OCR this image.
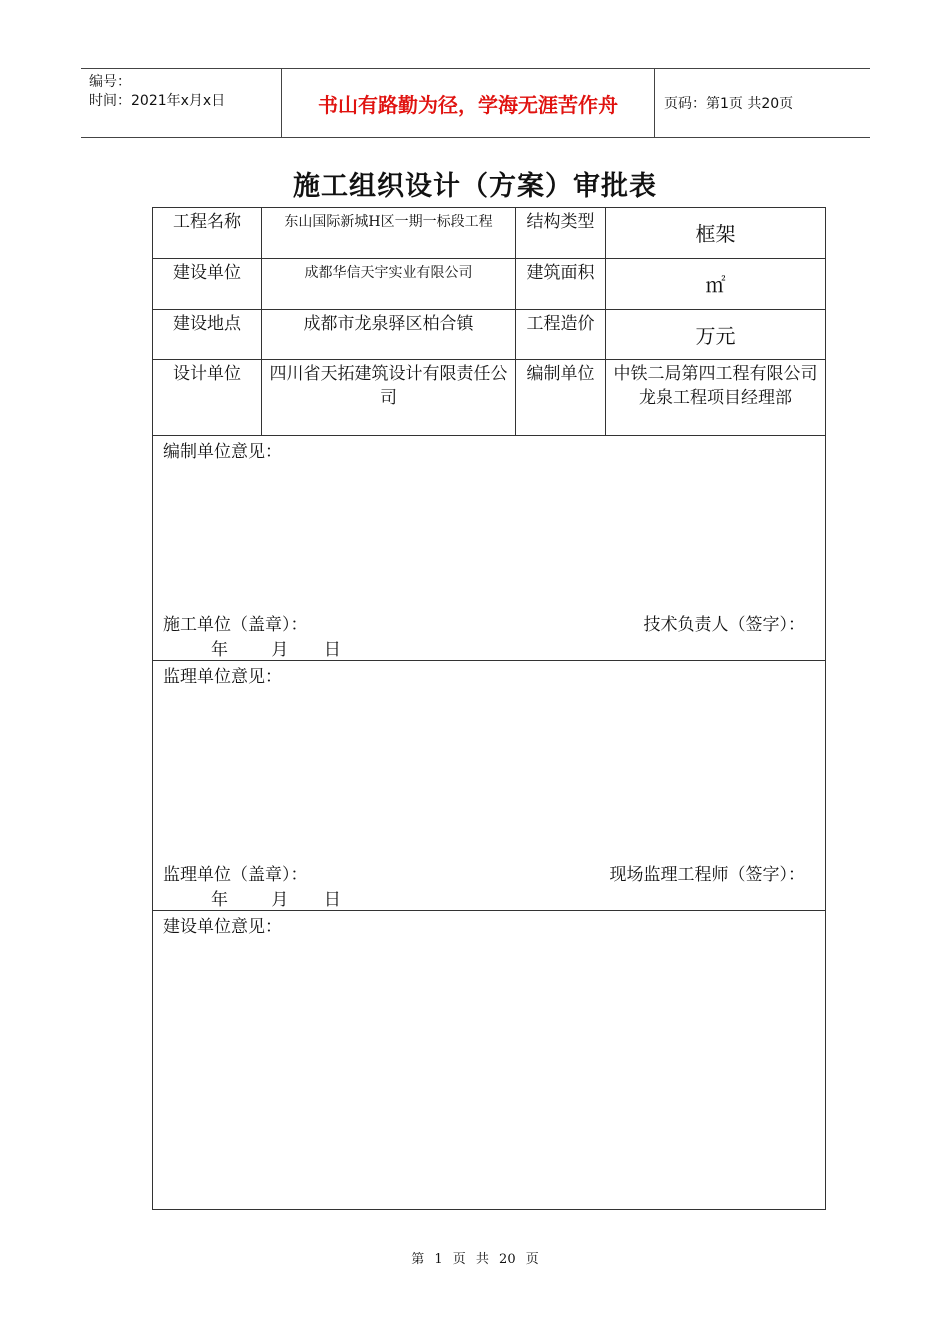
编号：
时间：2021年x月x日	书山有路勤为径，学海无涯苦作舟	页码：第1页 共20页
施工组织设计（方案）审批表
工程名称	东山国际新城H区一期一标段工程	结构类型	框架
建设单位	成都华信天宇实业有限公司	建筑面积	㎡
建设地点	成都市龙泉驿区柏合镇	工程造价	万元
设计单位	四川省天拓建筑设计有限责任公司	编制单位	中铁二局第四工程有限公司龙泉工程项目经理部

编制单位意见：
施工单位（盖章）： 技术负责人（签字）：
年 月 日			

监理单位意见：
监理单位（盖章）： 现场监理工程师（签字）：
年 月 日			

建设单位意见：			
第 1 页 共 20 页
